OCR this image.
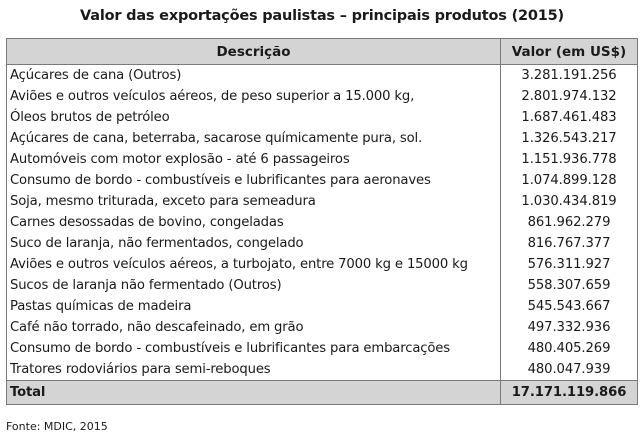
Valor das exportações paulistas – principais produtos (2015)
Descrição	Valor (em US$)
Açúcares de cana (Outros)	3.281.191.256
Aviões e outros veículos aéreos, de peso superior a 15.000 kg,	2.801.974.132
Óleos brutos de petróleo	1.687.461.483
Açúcares de cana, beterraba, sacarose químicamente pura, sol.	1.326.543.217
Automóveis com motor explosão - até 6 passageiros	1.151.936.778
Consumo de bordo - combustíveis e lubrificantes para aeronaves	1.074.899.128
Soja, mesmo triturada, exceto para semeadura	1.030.434.819
Carnes desossadas de bovino, congeladas	861.962.279
Suco de laranja, não fermentados, congelado	816.767.377
Aviões e outros veículos aéreos, a turbojato, entre 7000 kg e 15000 kg	576.311.927
Sucos de laranja não fermentado (Outros)	558.307.659
Pastas químicas de madeira	545.543.667
Café não torrado, não descafeinado, em grão	497.332.936
Consumo de bordo - combustíveis e lubrificantes para embarcações	480.405.269
Tratores rodoviários para semi-reboques	480.047.939
Total	17.171.119.866
Fonte: MDIC, 2015
